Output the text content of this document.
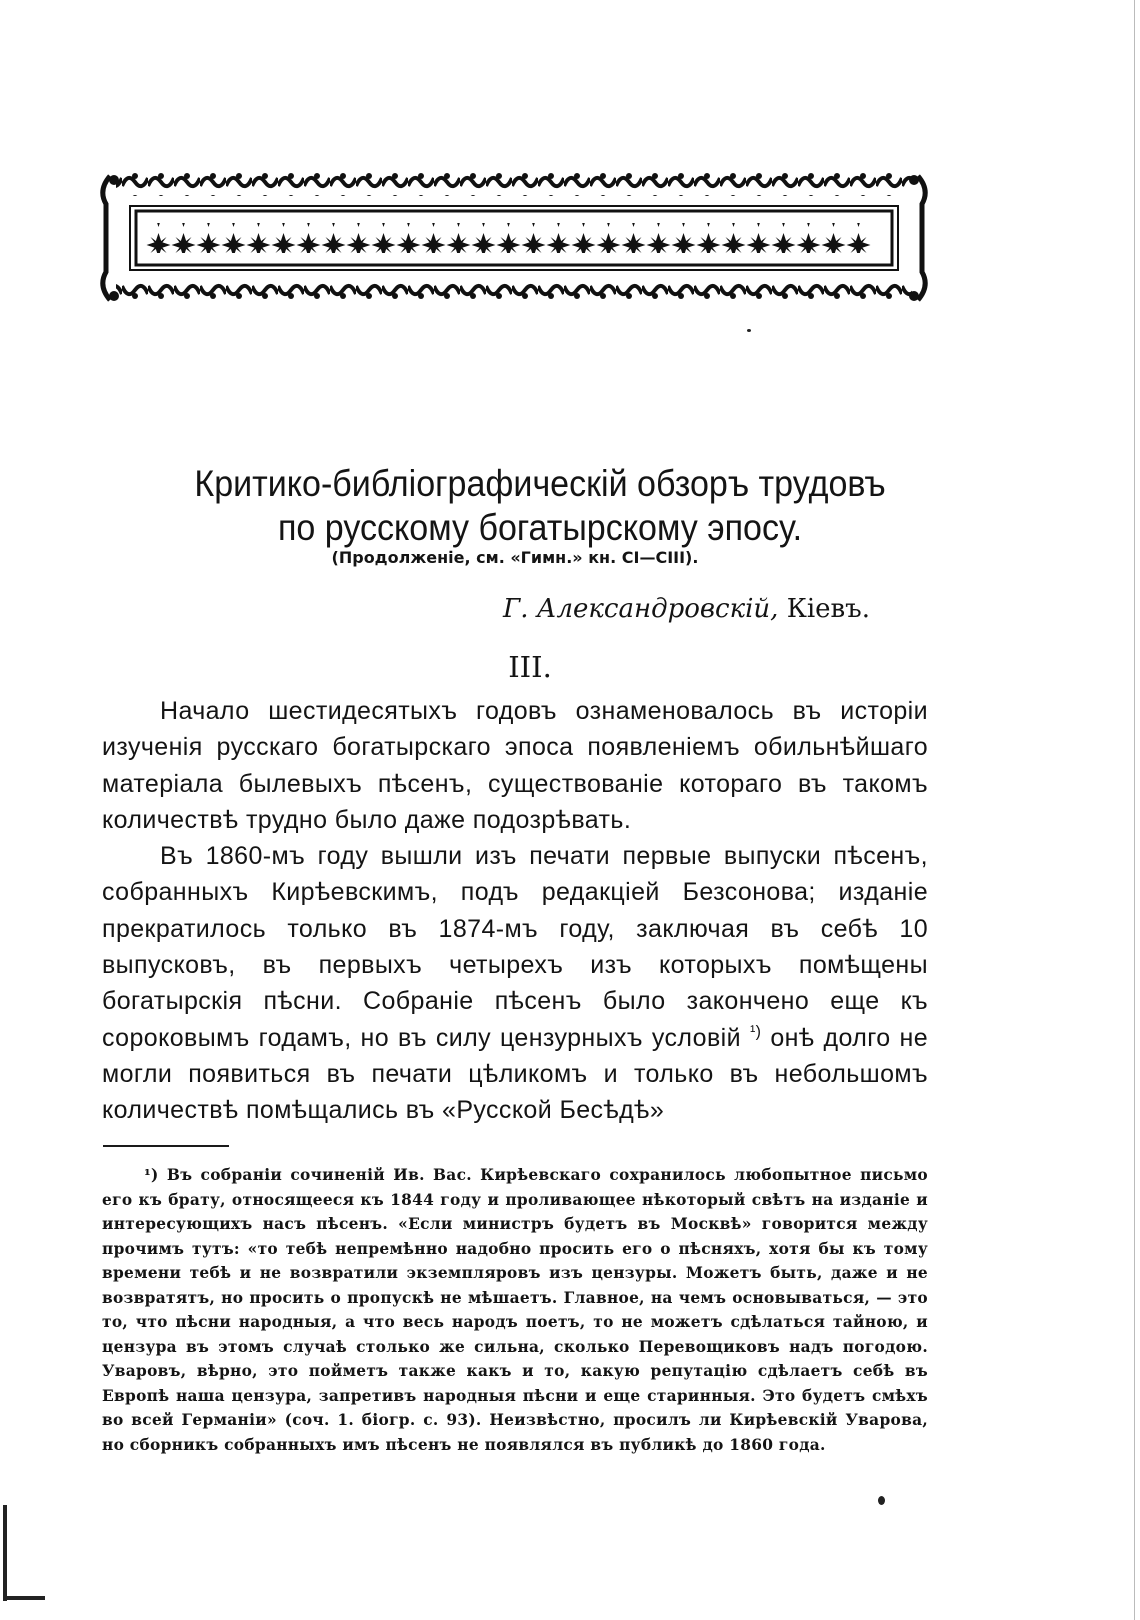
Критико-библіографическій обзоръ трудовъ
по русскому богатырскому эпосу.
(Продолженіе, см. «Гимн.» кн. CI—CIII).
Г. Александровскій, Кіевъ.
III.

Начало шестидесятыхъ годовъ ознаменовалось въ исторіи изученія русскаго богатырскаго эпоса появленіемъ обильнѣйшаго матеріала былевыхъ пѣсенъ, существованіе котораго въ такомъ количествѣ трудно было даже подозрѣвать.

Въ 1860-мъ году вышли изъ печати первые выпуски пѣсенъ, собранныхъ Кирѣевскимъ, подъ редакціей Безсонова; изданіе прекратилось только въ 1874-мъ году, заключая въ себѣ 10 выпусковъ, въ первыхъ четырехъ изъ которыхъ помѣщены богатырскія пѣсни. Собраніе пѣсенъ было закончено еще къ сороковымъ годамъ, но въ силу цензурныхъ условій $^{^1)}$ онѣ долго не могли появиться въ печати цѣликомъ и только въ небольшомъ количествѣ помѣщались въ «Русской Бесѣдѣ»

¹) Въ собраніи сочиненій Ив. Вас. Кирѣевскаго сохранилось любопытное письмо его къ брату, относящееся къ 1844 году и проливающее нѣкоторый свѣтъ на изданіе и интересующихъ насъ пѣсенъ. «Если министръ будетъ въ Москвѣ» говорится между прочимъ тутъ: «то тебѣ непремѣнно надобно просить его о пѣсняхъ, хотя бы къ тому времени тебѣ и не возвратили экземпляровъ изъ цензуры. Можетъ быть, даже и не возвратятъ, но просить о пропускѣ не мѣшаетъ. Главное, на чемъ основываться, — это то, что пѣсни народныя, а что весь народъ поетъ, то не можетъ сдѣлаться тайною, и цензура въ этомъ случаѣ столько же сильна, сколько Перевощиковъ надъ погодою. Уваровъ, вѣрно, это пойметъ также какъ и то, какую репутацію сдѣлаетъ себѣ въ Европѣ наша цензура, запретивъ народныя пѣсни и еще старинныя. Это будетъ смѣхъ во всей Германіи» (соч. 1. біогр. с. 93). Неизвѣстно, просилъ ли Кирѣевскій Уварова, но сборникъ собранныхъ имъ пѣсенъ не появлялся въ публикѣ до 1860 года.
